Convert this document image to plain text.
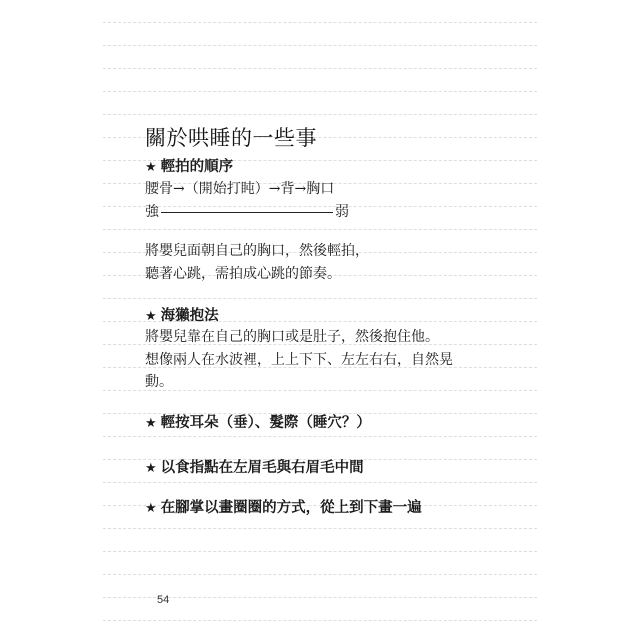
關於哄睡的一些事
★ 輕拍的順序
腰骨→（開始打盹）→背→胸口
強	弱
將嬰兒面朝自己的胸口，然後輕拍，
聽著心跳，需拍成心跳的節奏。
★ 海獺抱法
將嬰兒靠在自己的胸口或是肚子，然後抱住他。
想像兩人在水波裡，上上下下、左左右右，自然晃
動。
★ 輕按耳朵（垂）、髮際（睡穴？）
★ 以食指點在左眉毛與右眉毛中間
★ 在腳掌以畫圈圈的方式，從上到下畫一遍
54
